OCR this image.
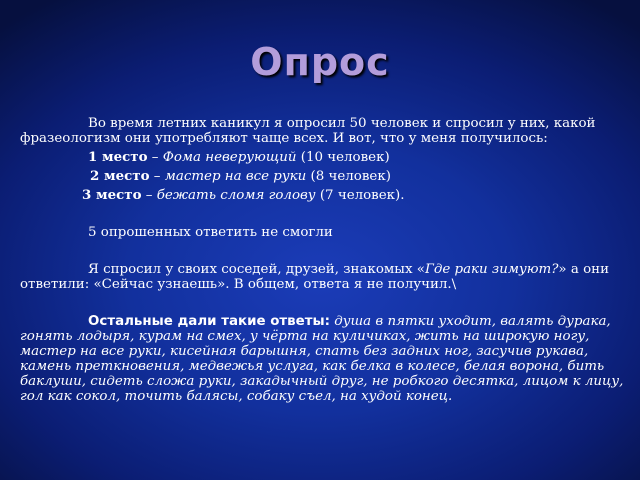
Опрос

Во время летних каникул я опросил 50 человек и спросил у них, какой фразеологизм они употребляют чаще всех. И вот, что у меня получилось:

1 место – Фома неверующий (10 человек)

2 место – мастер на все руки (8 человек)

3 место – бежать сломя голову (7 человек).

5 опрошенных ответить не смогли

Я спросил у своих соседей, друзей, знакомых «Где раки зимуют?» а они ответили: «Сейчас узнаешь». В общем, ответа я не получил.\

Остальные дали такие ответы: душа в пятки уходит, валять дурака, гонять лодыря, курам на смех, у чёрта на куличиках, жить на широкую ногу, мастер на все руки, кисейная барышня, спать без задних ног, засучив рукава, камень преткновения, медвежья услуга, как белка в колесе, белая ворона, бить баклуши, сидеть сложа руки, закадычный друг, не робкого десятка, лицом к лицу, гол как сокол, точить балясы, собаку съел, на худой конец.
